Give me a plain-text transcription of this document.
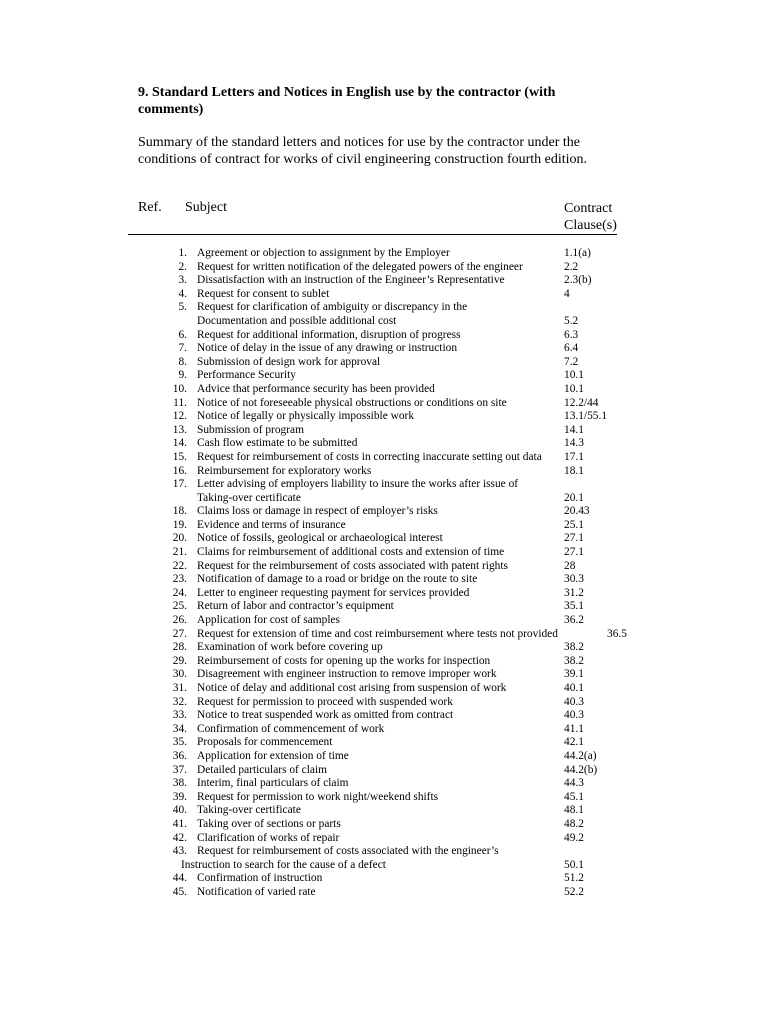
9. Standard Letters and Notices in English use by the contractor (with comments)
Summary of the standard letters and notices for use by the contractor under the conditions of contract for works of civil engineering construction fourth edition.
Ref. Subject	Contract
Clause(s)
1. Agreement or objection to assignment by the Employer	1.1(a)
2. Request for written notification of the delegated powers of the engineer	2.2
3. Dissatisfaction with an instruction of the Engineer’s Representative	2.3(b)
4. Request for consent to sublet	4
5. Request for clarification of ambiguity or discrepancy in the
Documentation and possible additional cost	5.2
6. Request for additional information, disruption of progress	6.3
7. Notice of delay in the issue of any drawing or instruction	6.4
8. Submission of design work for approval	7.2
9. Performance Security	10.1
10. Advice that performance security has been provided	10.1
11. Notice of not foreseeable physical obstructions or conditions on site	12.2/44
12. Notice of legally or physically impossible work	13.1/55.1
13. Submission of program	14.1
14. Cash flow estimate to be submitted	14.3
15. Request for reimbursement of costs in correcting inaccurate setting out data 17.1
16. Reimbursement for exploratory works	18.1
17. Letter advising of employers liability to insure the works after issue of
Taking-over certificate	20.1
18. Claims loss or damage in respect of employer’s risks	20.43
19. Evidence and terms of insurance	25.1
20. Notice of fossils, geological or archaeological interest	27.1
21. Claims for reimbursement of additional costs and extension of time	27.1
22. Request for the reimbursement of costs associated with patent rights	28
23. Notification of damage to a road or bridge on the route to site	30.3
24. Letter to engineer requesting payment for services provided	31.2
25. Return of labor and contractor’s equipment	35.1
26. Application for cost of samples	36.2
27. Request for extension of time and cost reimbursement where tests not provided	36.5
28. Examination of work before covering up	38.2
29. Reimbursement of costs for opening up the works for inspection	38.2
30. Disagreement with engineer instruction to remove improper work	39.1
31. Notice of delay and additional cost arising from suspension of work	40.1
32. Request for permission to proceed with suspended work	40.3
33. Notice to treat suspended work as omitted from contract	40.3
34. Confirmation of commencement of work	41.1
35. Proposals for commencement	42.1
36. Application for extension of time	44.2(a)
37. Detailed particulars of claim	44.2(b)
38. Interim, final particulars of claim	44.3
39. Request for permission to work night/weekend shifts	45.1
40. Taking-over certificate	48.1
41. Taking over of sections or parts	48.2
42. Clarification of works of repair	49.2
43. Request for reimbursement of costs associated with the engineer’s
Instruction to search for the cause of a defect	50.1
44. Confirmation of instruction	51.2
45. Notification of varied rate	52.2
